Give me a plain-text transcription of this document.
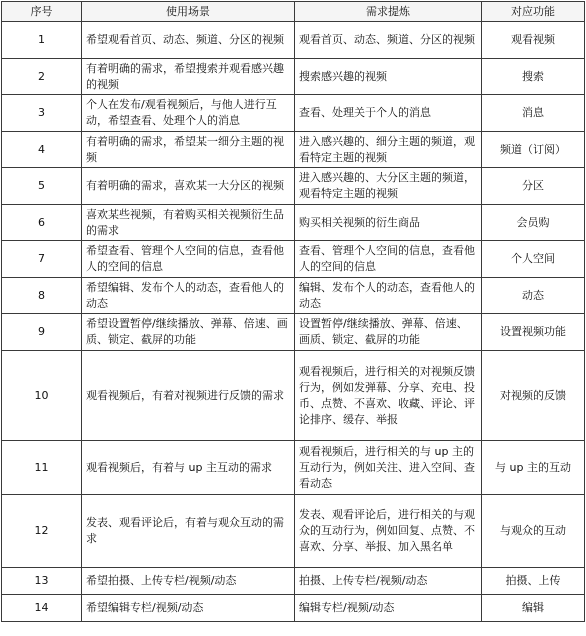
序号	使用场景	需求提炼	对应功能
1	希望观看首页、动态、频道、分区的视频	观看首页、动态、频道、分区的视频	观看视频
2	有着明确的需求，希望搜索并观看感兴趣的视频	搜索感兴趣的视频	搜索
3	个人在发布/观看视频后，与他人进行互动，希望查看、处理个人的消息	查看、处理关于个人的消息	消息
4	有着明确的需求，希望某一细分主题的视频	进入感兴趣的、细分主题的频道，观看特定主题的视频	频道（订阅）
5	有着明确的需求，喜欢某一大分区的视频	进入感兴趣的、大分区主题的频道，观看特定主题的视频	分区
6	喜欢某些视频，有着购买相关视频衍生品的需求	购买相关视频的衍生商品	会员购
7	希望查看、管理个人空间的信息，查看他人的空间的信息	查看、管理个人空间的信息，查看他人的空间的信息	个人空间
8	希望编辑、发布个人的动态，查看他人的动态	编辑、发布个人的动态，查看他人的动态	动态
9	希望设置暂停/继续播放、弹幕、倍速、画质、锁定、截屏的功能	设置暂停/继续播放、弹幕、倍速、画质、锁定、截屏的功能	设置视频功能
10	观看视频后，有着对视频进行反馈的需求	观看视频后，进行相关的对视频反馈行为，例如发弹幕、分享、充电、投币、点赞、不喜欢、收藏、评论、评论排序、缓存、举报	对视频的反馈
11	观看视频后，有着与 up 主互动的需求	观看视频后，进行相关的与 up 主的互动行为，例如关注、进入空间、查看动态	与 up 主的互动
12	发表、观看评论后，有着与观众互动的需求	发表、观看评论后，进行相关的与观众的互动行为，例如回复、点赞、不喜欢、分享、举报、加入黑名单	与观众的互动
13	希望拍摄、上传专栏/视频/动态	拍摄、上传专栏/视频/动态	拍摄、上传
14	希望编辑专栏/视频/动态	编辑专栏/视频/动态	编辑
